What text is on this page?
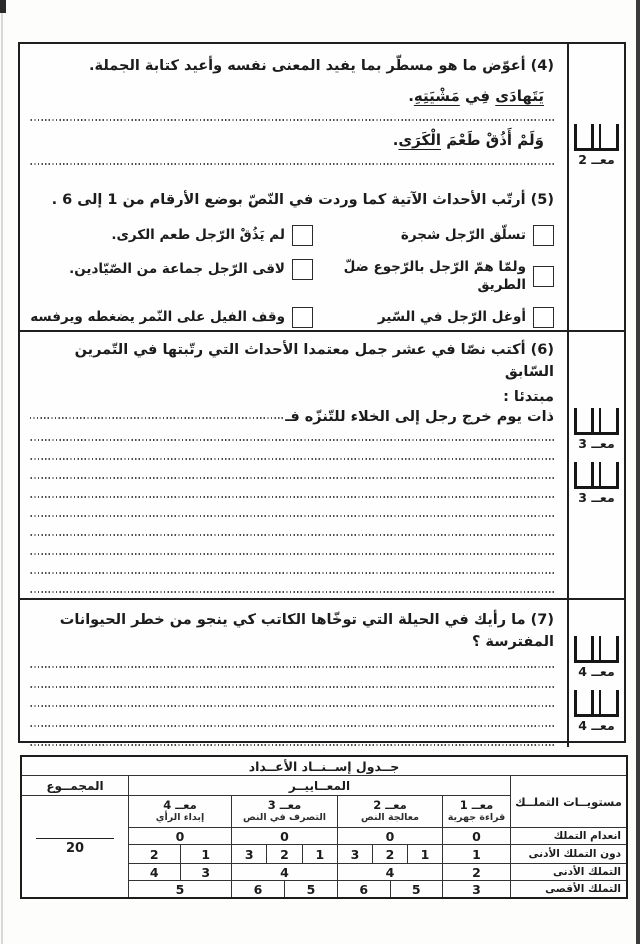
معــ 2
(4) أعوّض ما هو مسطّر بما يفيد المعنى نفسه وأعيد كتابة الجملة.
يَتَهادَى فِي مَشْيَتِهِ.
وَلَمْ أَذُقْ طَعْمَ الْكَرَى.
(5) أرتّب الأحداث الآتية كما وردت في النّصّ بوضع الأرقام من 1 إلى 6 .
تسلّق الرّجل شجرة
لم يَذُقْ الرّجل طعم الكرى.
ولمّا همّ الرّجل بالرّجوع ضلّ الطريق
لاقى الرّجل جماعة من الصّيّادين.
أوغل الرّجل في السّير
وقف الفيل على النّمر يضغطه ويرفسه
معــ 3
معــ 3
(6) أكتب نصّا في عشر جمل معتمدا الأحداث التي رتّبتها في التّمرين السّابق
مبتدئا :
ذات يوم خرج رجل إلى الخلاء للتّنزّه فـ
معــ 4
معــ 4
(7) ما رأيك في الحيلة التي توخّاها الكاتب كي ينجو من خطر الحيوانات المفترسة ؟
جــدول إســنــاد الأعــداد
مستويــات التملــك
المعــاييــر
المجمــوع
معــ 1
قراءة جهرية
معــ 2
معالجة النص
معــ 3
التصرف في النص
معــ 4
إبداء الرأي
20
انعدام التملك
دون التملك الأدنى
التملك الأدنى
التملك الأقصى
0
0
0
0
1
1
2
3
1
2
3
1
2
2
4
4
3
4
3
5
6
5
6
5
